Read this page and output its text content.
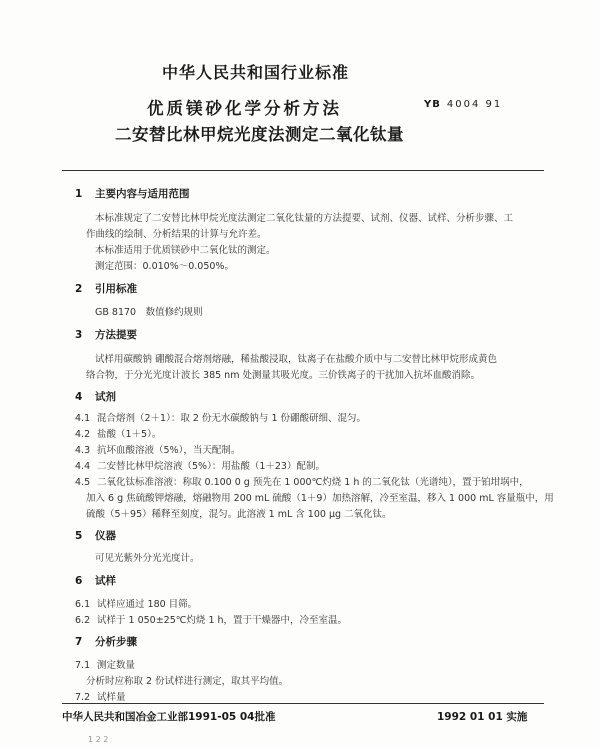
中华人民共和国行业标准
优质镁砂化学分析方法
二安替比林甲烷光度法测定二氧化钛量
YB 4004 91
1 主要内容与适用范围
本标准规定了二安替比林甲烷光度法测定二氧化钛量的方法提要、试剂、仪器、试样、分析步骤、工
作曲线的绘制、分析结果的计算与允许差。
本标准适用于优质镁砂中二氧化钛的测定。
测定范围：0.010%～0.050%。
2 引用标准
GB 8170　数值修约规则
3 方法提要
试样用碳酸钠 硼酸混合熔剂熔融，稀盐酸浸取，钛离子在盐酸介质中与二安替比林甲烷形成黄色
络合物，于分光光度计波长 385 nm 处测量其吸光度。三价铁离子的干扰加入抗坏血酸消除。
4 试剂
4.1 混合熔剂（2＋1）：取 2 份无水碳酸钠与 1 份硼酸研细、混匀。
4.2 盐酸（1＋5）。
4.3 抗坏血酸溶液（5%），当天配制。
4.4 二安替比林甲烷溶液（5%）：用盐酸（1＋23）配制。
4.5 二氧化钛标准溶液：称取 0.100 0 g 预先在 1 000℃灼烧 1 h 的二氧化钛（光谱纯），置于铂坩埚中，
加入 6 g 焦硫酸钾熔融，熔融物用 200 mL 硫酸（1＋9）加热溶解，冷至室温，移入 1 000 mL 容量瓶中，用
硫酸（5＋95）稀释至刻度，混匀。此溶液 1 mL 含 100 μg 二氧化钛。
5 仪器
可见光紫外分光光度计。
6 试样
6.1 试样应通过 180 目筛。
6.2 试样于 1 050±25℃灼烧 1 h，置于干燥器中，冷至室温。
7 分析步骤
7.1 测定数量
分析时应称取 2 份试样进行测定，取其平均值。
7.2 试样量
中华人民共和国冶金工业部1991-05 04批准	1992 01 01 实施
1 2 2
